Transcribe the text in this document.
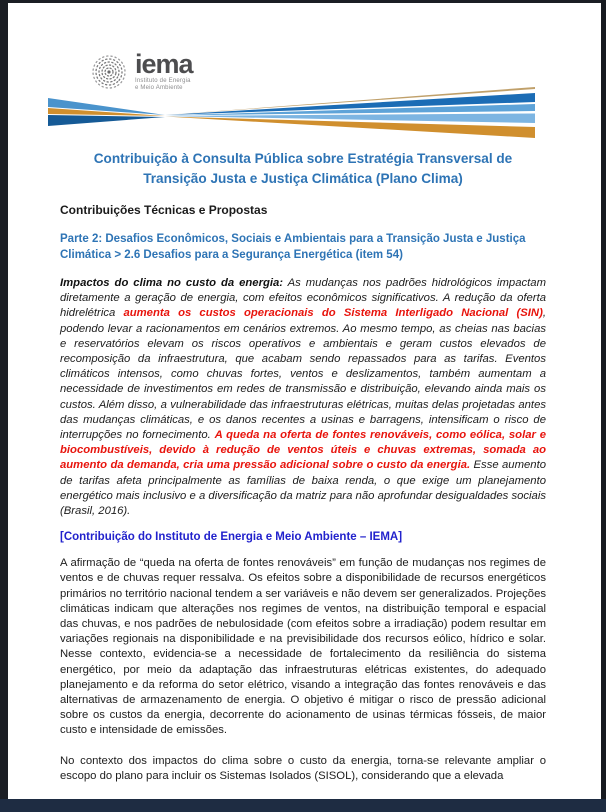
iema
Instituto de Energia
e Meio Ambiente
Contribuição à Consulta Pública sobre Estratégia Transversal de Transição Justa e Justiça Climática (Plano Clima)
Contribuições Técnicas e Propostas
Parte 2: Desafios Econômicos, Sociais e Ambientais para a Transição Justa e Justiça Climática > 2.6 Desafios para a Segurança Energética (item 54)

Impactos do clima no custo da energia: As mudanças nos padrões hidrológicos impactam diretamente a geração de energia, com efeitos econômicos significativos. A redução da oferta hidrelétrica aumenta os custos operacionais do Sistema Interligado Nacional (SIN), podendo levar a racionamentos em cenários extremos. Ao mesmo tempo, as cheias nas bacias e reservatórios elevam os riscos operativos e ambientais e geram custos elevados de recomposição da infraestrutura, que acabam sendo repassados para as tarifas. Eventos climáticos intensos, como chuvas fortes, ventos e deslizamentos, também aumentam a necessidade de investimentos em redes de transmissão e distribuição, elevando ainda mais os custos. Além disso, a vulnerabilidade das infraestruturas elétricas, muitas delas projetadas antes das mudanças climáticas, e os danos recentes a usinas e barragens, intensificam o risco de interrupções no fornecimento. A queda na oferta de fontes renováveis, como eólica, solar e biocombustíveis, devido à redução de ventos úteis e chuvas extremas, somada ao aumento da demanda, cria uma pressão adicional sobre o custo da energia. Esse aumento de tarifas afeta principalmente as famílias de baixa renda, o que exige um planejamento energético mais inclusivo e a diversificação da matriz para não aprofundar desigualdades sociais (Brasil, 2016).

[Contribuição do Instituto de Energia e Meio Ambiente – IEMA]

A afirmação de “queda na oferta de fontes renováveis” em função de mudanças nos regimes de ventos e de chuvas requer ressalva. Os efeitos sobre a disponibilidade de recursos energéticos primários no território nacional tendem a ser variáveis e não devem ser generalizados. Projeções climáticas indicam que alterações nos regimes de ventos, na distribuição temporal e espacial das chuvas, e nos padrões de nebulosidade (com efeitos sobre a irradiação) podem resultar em variações regionais na disponibilidade e na previsibilidade dos recursos eólico, hídrico e solar. Nesse contexto, evidencia-se a necessidade de fortalecimento da resiliência do sistema energético, por meio da adaptação das infraestruturas elétricas existentes, do adequado planejamento e da reforma do setor elétrico, visando a integração das fontes renováveis e das alternativas de armazenamento de energia. O objetivo é mitigar o risco de pressão adicional sobre os custos da energia, decorrente do acionamento de usinas térmicas fósseis, de maior custo e intensidade de emissões.

No contexto dos impactos do clima sobre o custo da energia, torna-se relevante ampliar o escopo do plano para incluir os Sistemas Isolados (SISOL), considerando que a elevada
